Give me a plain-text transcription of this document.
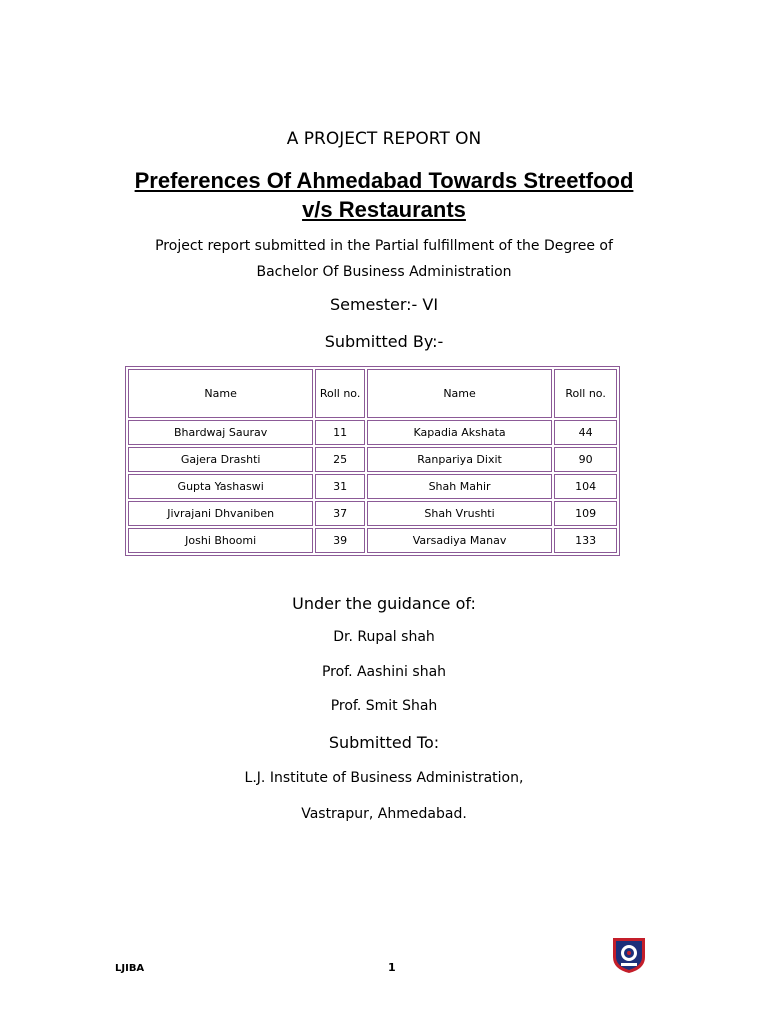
A PROJECT REPORT ON
Preferences Of Ahmedabad Towards Streetfood
v/s Restaurants
Project report submitted in the Partial fulfillment of the Degree of
Bachelor Of Business Administration
Semester:- VI
Submitted By:-
Name	Roll no.	Name	Roll no.
Bhardwaj Saurav	11	Kapadia Akshata	44
Gajera Drashti	25	Ranpariya Dixit	90
Gupta Yashaswi	31	Shah Mahir	104
Jivrajani Dhvaniben	37	Shah Vrushti	109
Joshi Bhoomi	39	Varsadiya Manav	133
Under the guidance of:
Dr. Rupal shah
Prof. Aashini shah
Prof. Smit Shah
Submitted To:
L.J. Institute of Business Administration,
Vastrapur, Ahmedabad.
LJIBA	1
